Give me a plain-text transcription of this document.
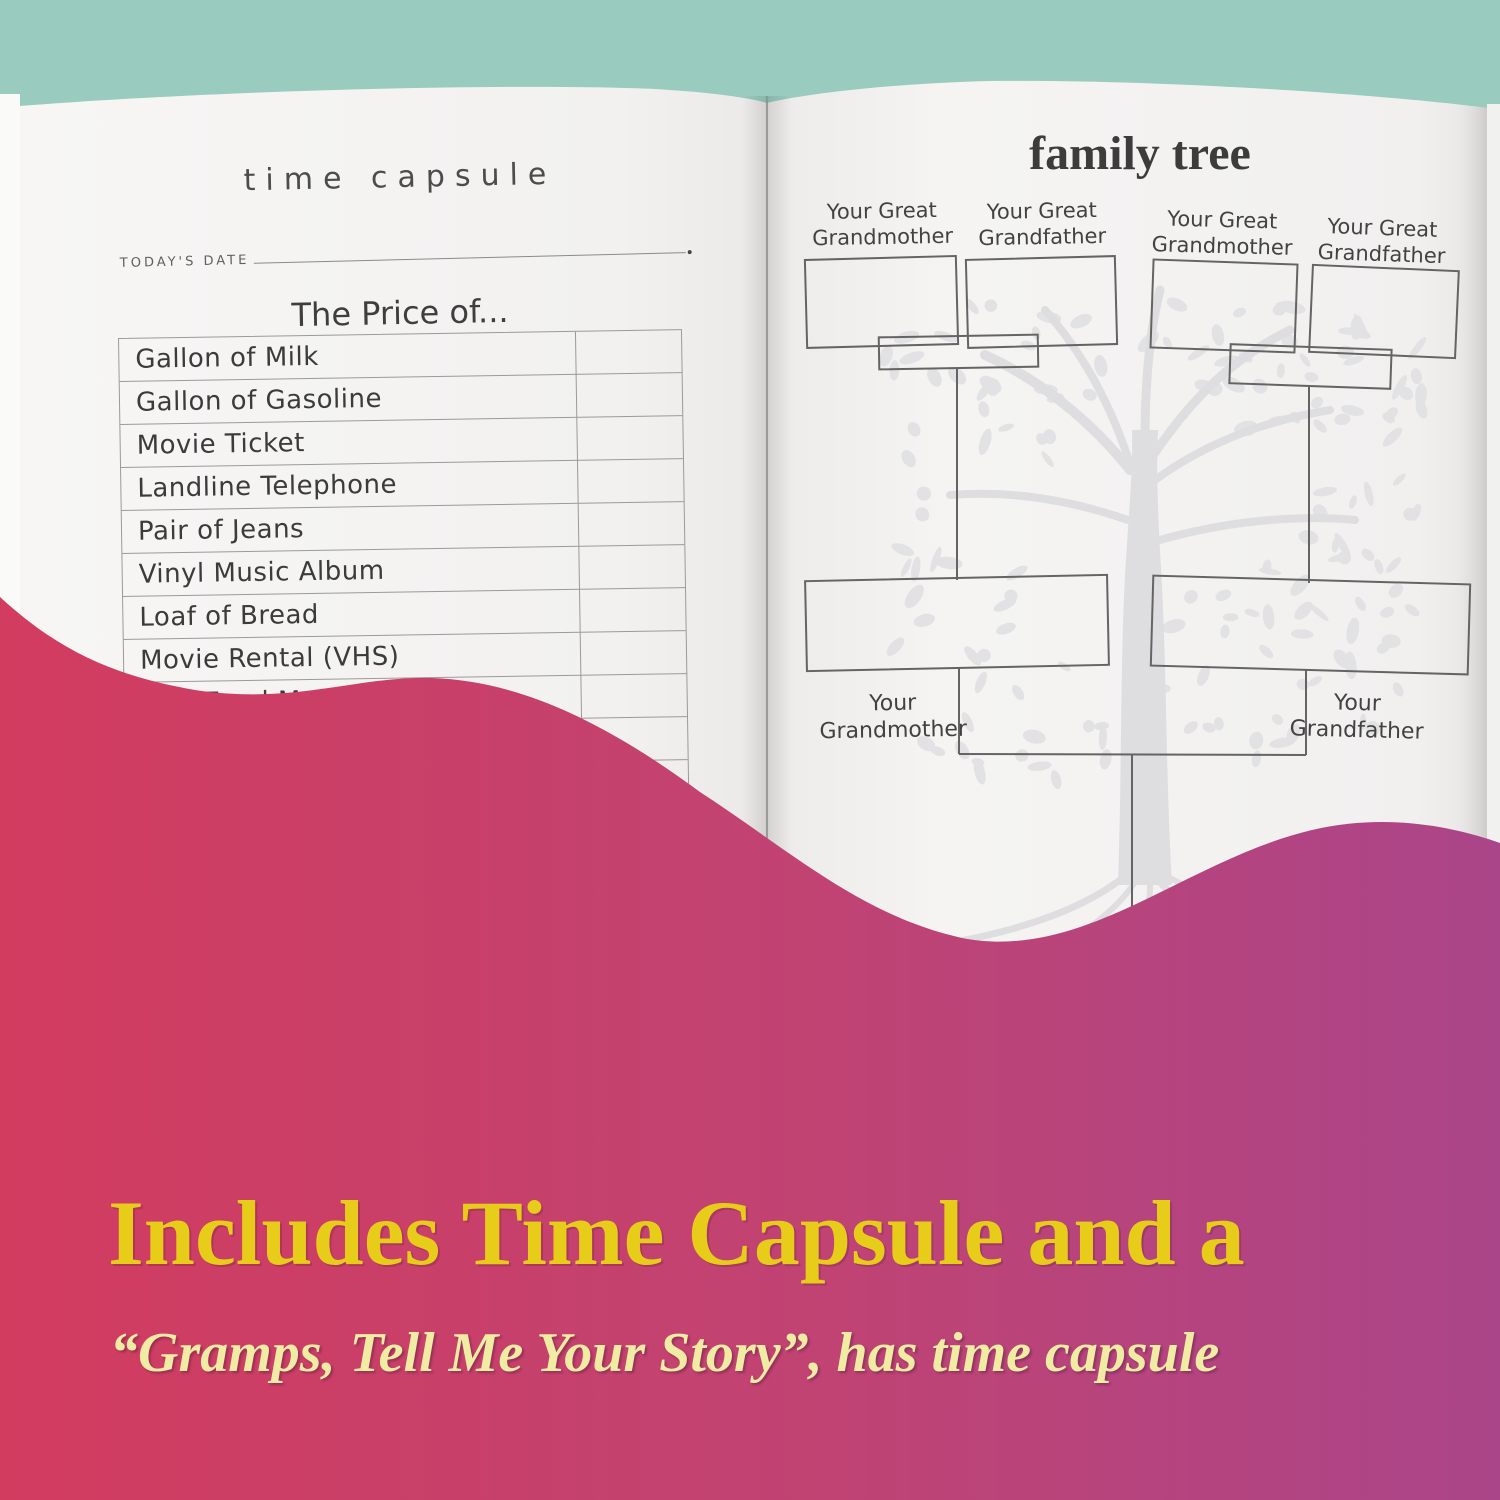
time capsule
TODAY'S DATE
The Price of...
Gallon of Milk
Gallon of Gasoline
Movie Ticket
Landline Telephone
Pair of Jeans
Vinyl Music Album
Loaf of Bread
Movie Rental (VHS)
family tree
Your Great Grandmother
Your Great Grandfather
Your Great Grandmother
Your Great Grandfather
Your Grandmother
Your Grandfather

Includes Time Capsule and a

“Gramps, Tell Me Your Story”, has time capsule
